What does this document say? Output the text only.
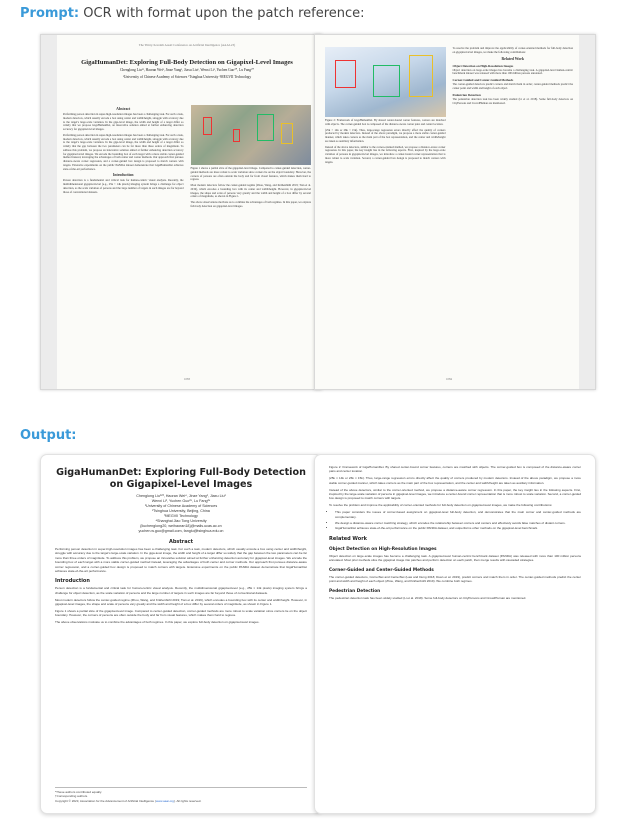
Prompt: OCR with format upon the patch reference:
The Thirty-Seventh AAAI Conference on Artificial Intelligence (AAAI-23)
GigaHumanDet: Exploring Full-Body Detection on Gigapixel-Level Images
Chenglong Liu¹², Haoran Wei³, Jinze Yang¹, Jiaxu Liu¹, Wenxi Li¹, Yuchen Guo²*, Lu Fang²*
¹University of Chinese Academy of Sciences ²Tsinghua University ³MEGVII Technology
Abstract

Performing person detection in super-high-resolution images has been a challenging task. For such a task, modern detectors, which usually encode a box using center and width/height, struggle with accuracy due to the target's large-scale variation. In the giga-level image, the width and height of a target differ so widely that we propose GigaHumanDet, an innovative solution aimed at further enhancing detection accuracy for gigapixel-level images.

Performing person detection in super-high-resolution images has been a challenging task. For such a task, modern detectors, which usually encode a box using center and width/height, struggle with accuracy due to the target's large-scale variation. In the giga-level image, the width and height of a target differ so widely that the gap between the two parameters can be far more than three orders of magnitude. To address this problem, we propose an innovative solution aimed at further enhancing detection accuracy for gigapixel-level images. We encode the bounding box of each target with a more stable corner-guided method instead, leveraging the advantages of both center and corner methods. Our approach first pursues distance-aware corner regression, and a corner-guided box design is proposed to match corners with targets. Extensive experiments on the public PANDA dataset demonstrate that GigaHumanDet achieves state-of-the-art performance.

Introduction

Person detection is a fundamental and critical task for human-centric visual analysis. Recently, the multidimensional gigapixel-level (e.g., 25k × 14k pixels) imaging system brings a challenge for object detection, as the scale variation of persons and the large number of targets in such images are far beyond those of conventional datasets.

Figure 1 shows a partial slice of the gigapixel-level image. Compared to center-guided detection, corner-guided methods are more robust to scale variation since corners lie on the object boundary. However, the corners of persons are often outside the body and far from visual features, which makes them hard to regress.

Most modern detectors follow the center-guided regime (Zhou, Wang, and Krähenbühl 2019; Tian et al. 2019), which encodes a bounding box with its center and width/height. However, in gigapixel-level images, the shape and scale of persons vary greatly and the width and height of a box differ by several orders of magnitude, as shown in Figure 1.

The above observations motivate us to combine the advantages of both regimes. In this paper, we explore full-body detection on gigapixel-level images.

1083

Figure 2: Framework of GigaHumanDet. By shared center-bound corner features, corners are matched with objects. The corner-guided box is composed of the distance-aware corner pairs and center location.

(25k × 14k or 26k × 15k). Thus, large-range regression errors directly affect the quality of corners produced by modern detectors. Instead of the above paradigm, we propose a more stable corner-guided manner, which takes corners as the main part of the box representation, and the center and width/height are taken as auxiliary information.

Instead of the above detectors, similar to the corner-oriented method, we propose a distance-aware corner regression. In this paper, the key insight lies in the following aspects. First, inspired by the large-scale variation of persons in gigapixel-level images, we introduce a center-bound corner representation that is more robust to scale variation. Second, a corner-guided box design is proposed to match corners with targets.

To resolve the problem and improve the applicability of corner-oriented methods for full-body detection on gigapixel-level images, we make the following contributions:

Related Work
Object Detection on High-Resolution Images

Object detection on large-scale images has become a challenging task. A gigapixel-level human-centric benchmark dataset was released with more than 100 million persons annotated.

Corner-Guided and Center-Guided Methods

The corner-guided detectors predict corners and match them in order; center-guided methods predict the center point and width and height of each object.

Pedestrian Detection

The pedestrian detection task has been widely studied (Li et al. 2018). Some full-body detectors on CityPersons and CrowdHuman are mentioned.

1084
Output:
GigaHumanDet: Exploring Full-Body Detection on Gigapixel-Level Images
Chenglong Liu¹²³, Haoran Wei⁴, Jinze Yang¹, Jiaxu Liu¹
Wenxi Li¹, Yuchen Guo²*, Lu Fang²*
¹University of Chinese Academy of Sciences
²Tsinghua University, Beijing, China
³MEGVII Technology
⁴Shanghai Jiao Tong University
{liuchenglong20, weihaoran18}@mails.ucas.ac.cn
yuchen.w.guo@gmail.com, fanglu@tsinghua.edu.cn
Abstract

Performing person detection in super-high-resolution images has been a challenging task. For such a task, modern detectors, which usually encode a box using center and width/height, struggle with accuracy due to the target's large-scale variation. In the giga-level image, the width and height of a target differ so widely that the gap between the two parameters can be far more than three orders of magnitude. To address this problem, we propose an innovative solution aimed at further enhancing detection accuracy for gigapixel-level images. We encode the bounding box of each target with a more stable corner-guided method instead, leveraging the advantages of both center and corner methods. Our approach first pursues distance-aware corner regression, and a corner-guided box design is proposed to match corners with targets. Extensive experiments on the public PANDA dataset demonstrate that GigaHumanDet achieves state-of-the-art performance.

Introduction

Person detection is a fundamental and critical task for human-centric visual analysis. Recently, the multidimensional gigapixel-level (e.g., 25k × 14k pixels) imaging system brings a challenge for object detection, as the scale variation of persons and the large number of targets in such images are far beyond those of conventional datasets.

Most modern detectors follow the center-guided regime (Zhou, Wang, and Krähenbühl 2019; Tian et al. 2019), which encodes a bounding box with its center and width/height. However, in gigapixel-level images, the shape and scale of persons vary greatly and the width and height of a box differ by several orders of magnitude, as shown in Figure 1.

Figure 1 shows a partial slice of the gigapixel-level image. Compared to center-guided detection, corner-guided methods are more robust to scale variation since corners lie on the object boundary. However, the corners of persons are often outside the body and far from visual features, which makes them hard to regress.

The above observations motivate us to combine the advantages of both regimes. In this paper, we explore full-body detection on gigapixel-level images.

*These authors contributed equally.
†Corresponding authors.
Copyright © 2023, Association for the Advancement of Artificial Intelligence (www.aaai.org). All rights reserved.

Figure 2: Framework of GigaHumanDet. By shared center-bound corner features, corners are matched with objects. The corner-guided box is composed of the distance-aware corner pairs and center location.

(25k × 14k or 26k × 15k). Thus, large-range regression errors directly affect the quality of corners produced by modern detectors. Instead of the above paradigm, we propose a more stable corner-guided manner, which takes corners as the main part of the box representation, and the center and width/height are taken as auxiliary information.

Instead of the above detectors, similar to the corner-oriented method, we propose a distance-aware corner regression. In this paper, the key insight lies in the following aspects. First, inspired by the large-scale variation of persons in gigapixel-level images, we introduce a center-bound corner representation that is more robust to scale variation. Second, a corner-guided box design is proposed to match corners with targets.

To resolve the problem and improve the applicability of corner-oriented methods for full-body detection on gigapixel-level images, we make the following contributions:

• This paper considers the issues of corner-based assignment on gigapixel-level full-body detection, and demonstrates that the main corner and center-guided methods are complementary.
• We design a distance-aware corner matching strategy, which encodes the relationship between corners and centers and effectively avoids false matches of distant corners.
• GigaHumanDet achieves state-of-the-art performance on the public PANDA dataset, and outperforms other methods on the gigapixel-level benchmark.
Related Work
Object Detection on High-Resolution Images

Object detection on large-scale images has become a challenging task. A gigapixel-level human-centric benchmark dataset (PANDA) was released with more than 100 million persons annotated. Most prior methods slice the gigapixel image into patches and perform detection on each patch, then merge results with cascaded strategies.

Corner-Guided and Center-Guided Methods

The corner-guided detectors, CornerNet and CenterNet (Law and Deng 2018; Duan et al. 2019), predict corners and match them in order. The center-guided methods predict the center point and width and height of each object (Zhou, Wang, and Krähenbühl 2019). We combine both regimes.

Pedestrian Detection

The pedestrian detection task has been widely studied (Li et al. 2018). Some full-body detectors on CityPersons and CrowdHuman are mentioned.
